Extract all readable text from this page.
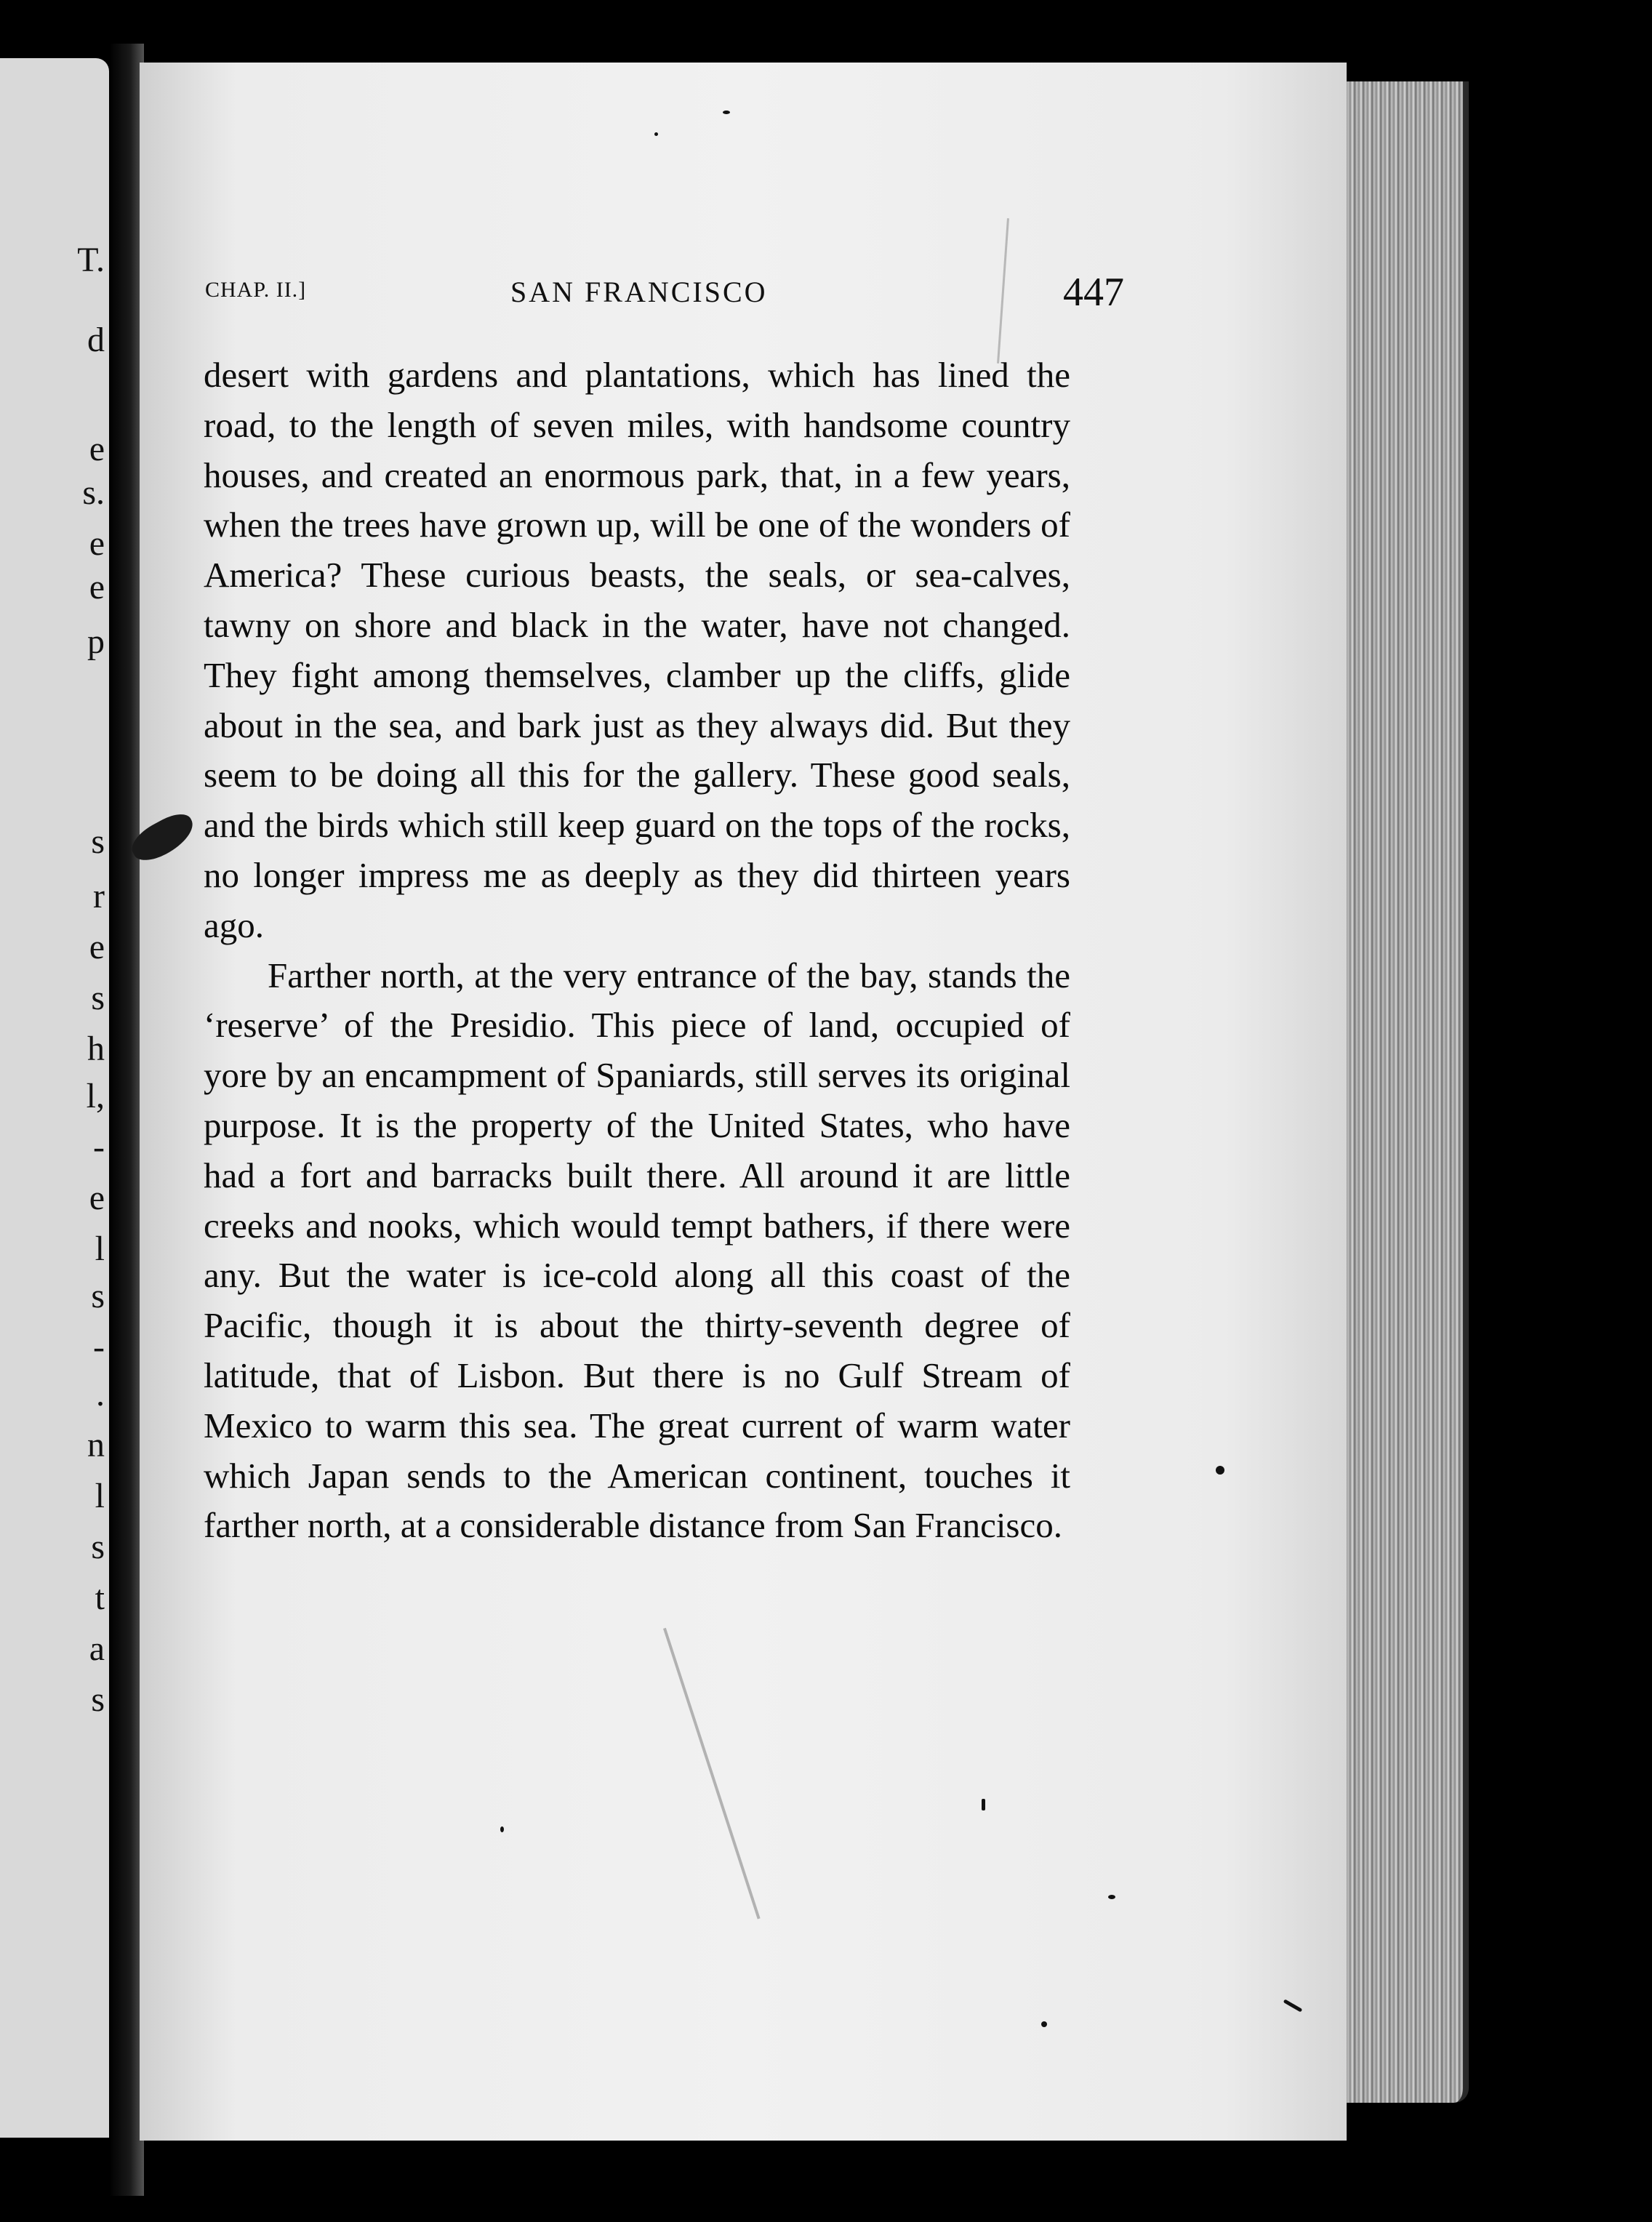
T.
d
e
s.
e
e
p
s
r
e
s
h
l,
-
e
l
s
-
.
n
l
s
t
a
s
CHAP. II.]	SAN FRANCISCO	447

desert with gardens and plantations, which has lined the road, to the length of seven miles, with handsome country houses, and created an enormous park, that, in a few years, when the trees have grown up, will be one of the wonders of America? These curious beasts, the seals, or sea-calves, tawny on shore and black in the water, have not changed. They fight among themselves, clamber up the cliffs, glide about in the sea, and bark just as they always did. But they seem to be doing all this for the gallery. These good seals, and the birds which still keep guard on the tops of the rocks, no longer impress me as deeply as they did thirteen years ago.

Farther north, at the very entrance of the bay, stands the ‘reserve’ of the Presidio. This piece of land, occupied of yore by an encampment of Spaniards, still serves its original purpose. It is the property of the United States, who have had a fort and barracks built there. All around it are little creeks and nooks, which would tempt bathers, if there were any. But the water is ice-cold along all this coast of the Pacific, though it is about the thirty-seventh degree of latitude, that of Lisbon. But there is no Gulf Stream of Mexico to warm this sea. The great current of warm water which Japan sends to the American continent, touches it farther north, at a considerable distance from San Francisco.
